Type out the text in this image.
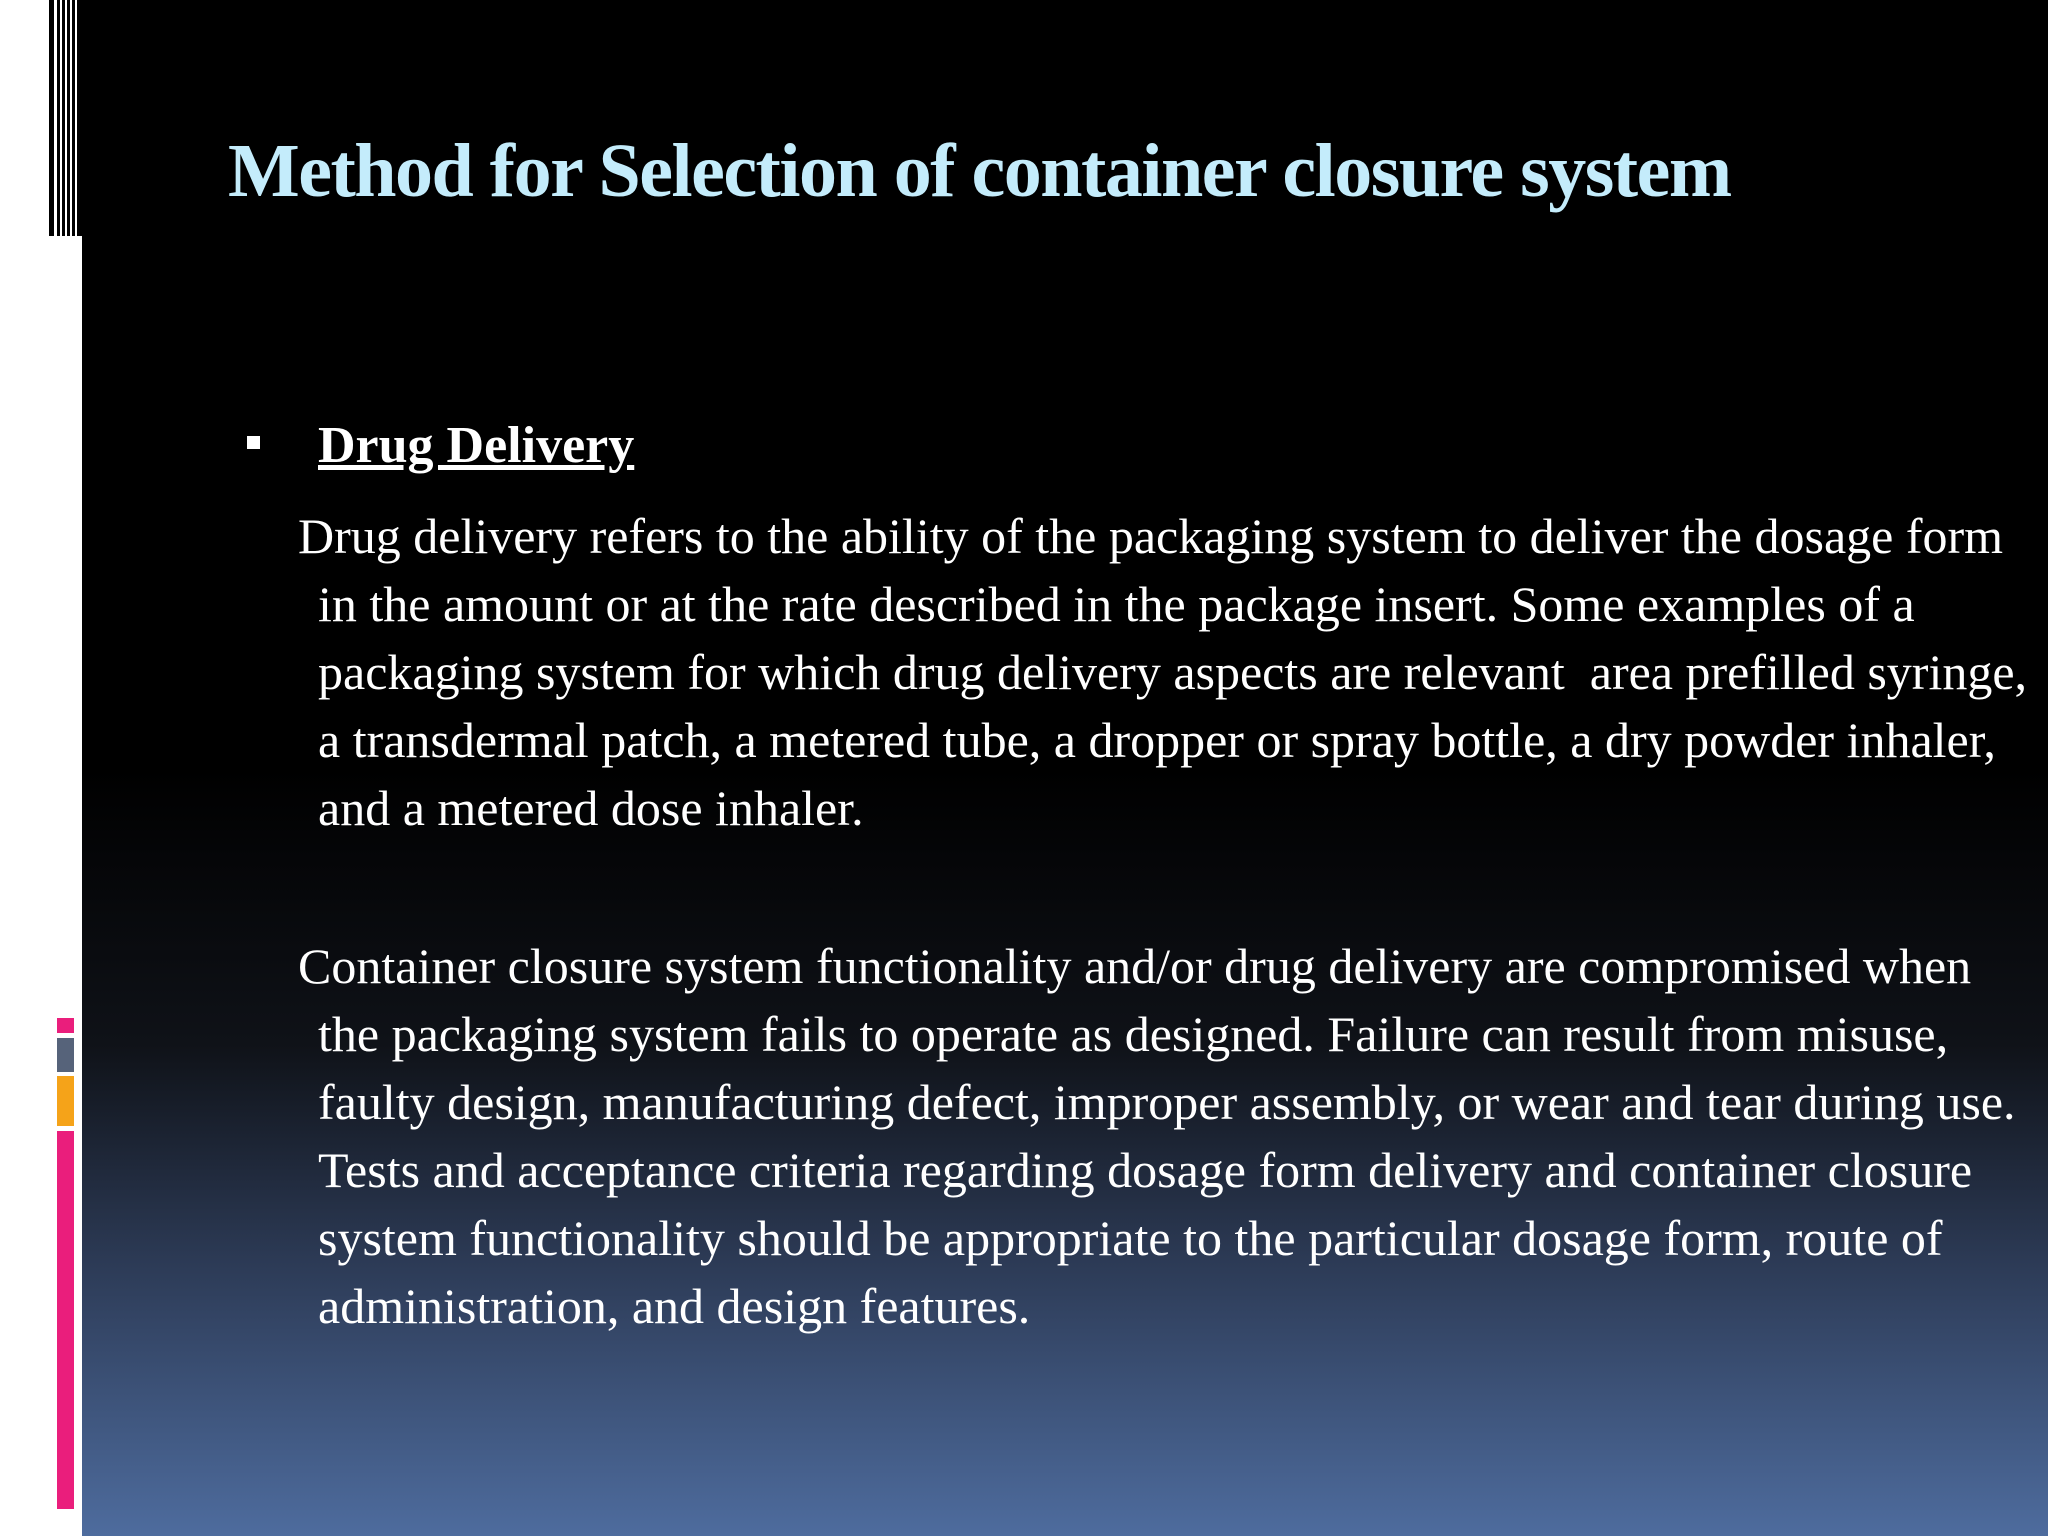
Method for Selection of container closure system
Drug Delivery

Drug delivery refers to the ability of the packaging system to deliver the dosage form in the amount or at the rate described in the package insert. Some examples of a packaging system for which drug delivery aspects are relevant  area prefilled syringe, a transdermal patch, a metered tube, a dropper or spray bottle, a dry powder inhaler, and a metered dose inhaler.

Container closure system functionality and/or drug delivery are compromised when the packaging system fails to operate as designed. Failure can result from misuse, faulty design, manufacturing defect, improper assembly, or wear and tear during use. Tests and acceptance criteria regarding dosage form delivery and container closure system functionality should be appropriate to the particular dosage form, route of administration, and design features.
